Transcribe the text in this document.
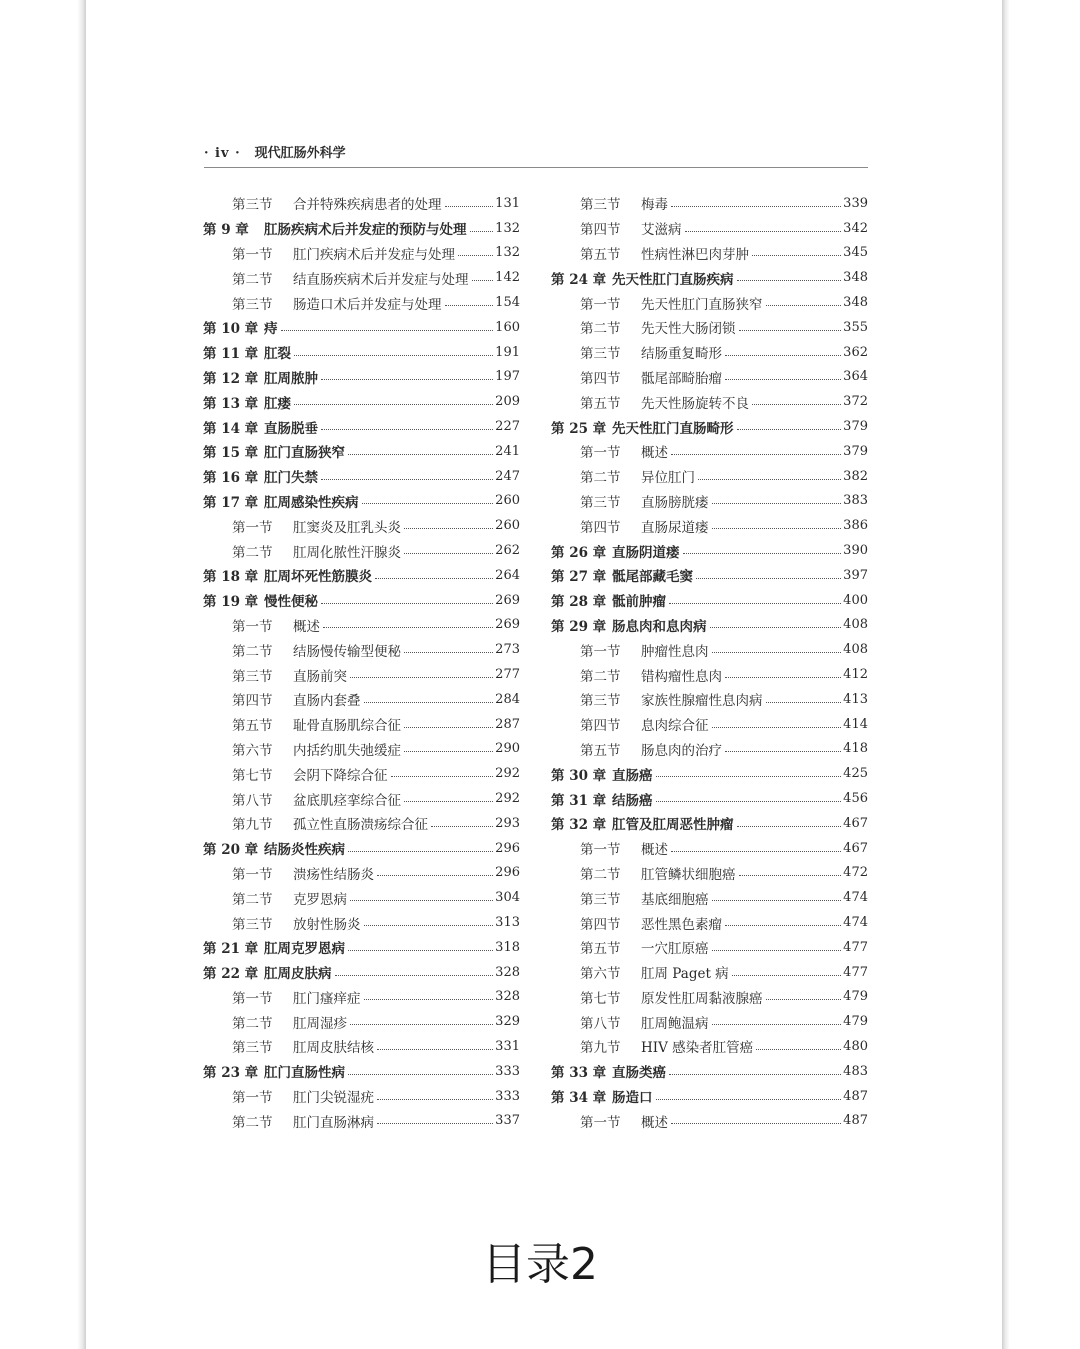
· iv · 现代肛肠外科学
第三节	合并特殊疾病患者的处理	131
第 9 章	肛肠疾病术后并发症的预防与处理 132
第一节	肛门疾病术后并发症与处理	132
第二节	结直肠疾病术后并发症与处理 142
第三节	肠造口术后并发症与处理	154
第 10 章 痔	160
第 11 章 肛裂	191
第 12 章 肛周脓肿	197
第 13 章 肛瘘	209
第 14 章 直肠脱垂	227
第 15 章 肛门直肠狭窄	241
第 16 章 肛门失禁	247
第 17 章 肛周感染性疾病	260
第一节	肛窦炎及肛乳头炎	260
第二节	肛周化脓性汗腺炎	262
第 18 章 肛周坏死性筋膜炎	264
第 19 章 慢性便秘	269
第一节	概述	269
第二节	结肠慢传输型便秘	273
第三节	直肠前突	277
第四节	直肠内套叠	284
第五节	耻骨直肠肌综合征	287
第六节	内括约肌失弛缓症	290
第七节	会阴下降综合征	292
第八节	盆底肌痉挛综合征	292
第九节	孤立性直肠溃疡综合征	293
第 20 章 结肠炎性疾病	296
第一节	溃疡性结肠炎	296
第二节	克罗恩病	304
第三节	放射性肠炎	313
第 21 章 肛周克罗恩病	318
第 22 章 肛周皮肤病	328
第一节	肛门瘙痒症	328
第二节	肛周湿疹	329
第三节	肛周皮肤结核	331
第 23 章 肛门直肠性病	333
第一节	肛门尖锐湿疣	333
第二节	肛门直肠淋病	337
第三节	梅毒	339
第四节	艾滋病	342
第五节	性病性淋巴肉芽肿	345
第 24 章 先天性肛门直肠疾病	348
第一节	先天性肛门直肠狭窄	348
第二节	先天性大肠闭锁	355
第三节	结肠重复畸形	362
第四节	骶尾部畸胎瘤	364
第五节	先天性肠旋转不良	372
第 25 章 先天性肛门直肠畸形	379
第一节	概述	379
第二节	异位肛门	382
第三节	直肠膀胱瘘	383
第四节	直肠尿道瘘	386
第 26 章 直肠阴道瘘	390
第 27 章 骶尾部藏毛窦	397
第 28 章 骶前肿瘤	400
第 29 章 肠息肉和息肉病	408
第一节	肿瘤性息肉	408
第二节	错构瘤性息肉	412
第三节	家族性腺瘤性息肉病	413
第四节	息肉综合征	414
第五节	肠息肉的治疗	418
第 30 章 直肠癌	425
第 31 章 结肠癌	456
第 32 章 肛管及肛周恶性肿瘤	467
第一节	概述	467
第二节	肛管鳞状细胞癌	472
第三节	基底细胞癌	474
第四节	恶性黑色素瘤	474
第五节	一穴肛原癌	477
第六节	肛周 Paget 病	477
第七节	原发性肛周黏液腺癌	479
第八节	肛周鲍温病	479
第九节	HIV 感染者肛管癌	480
第 33 章 直肠类癌	483
第 34 章 肠造口	487
第一节	概述	487
目录2
